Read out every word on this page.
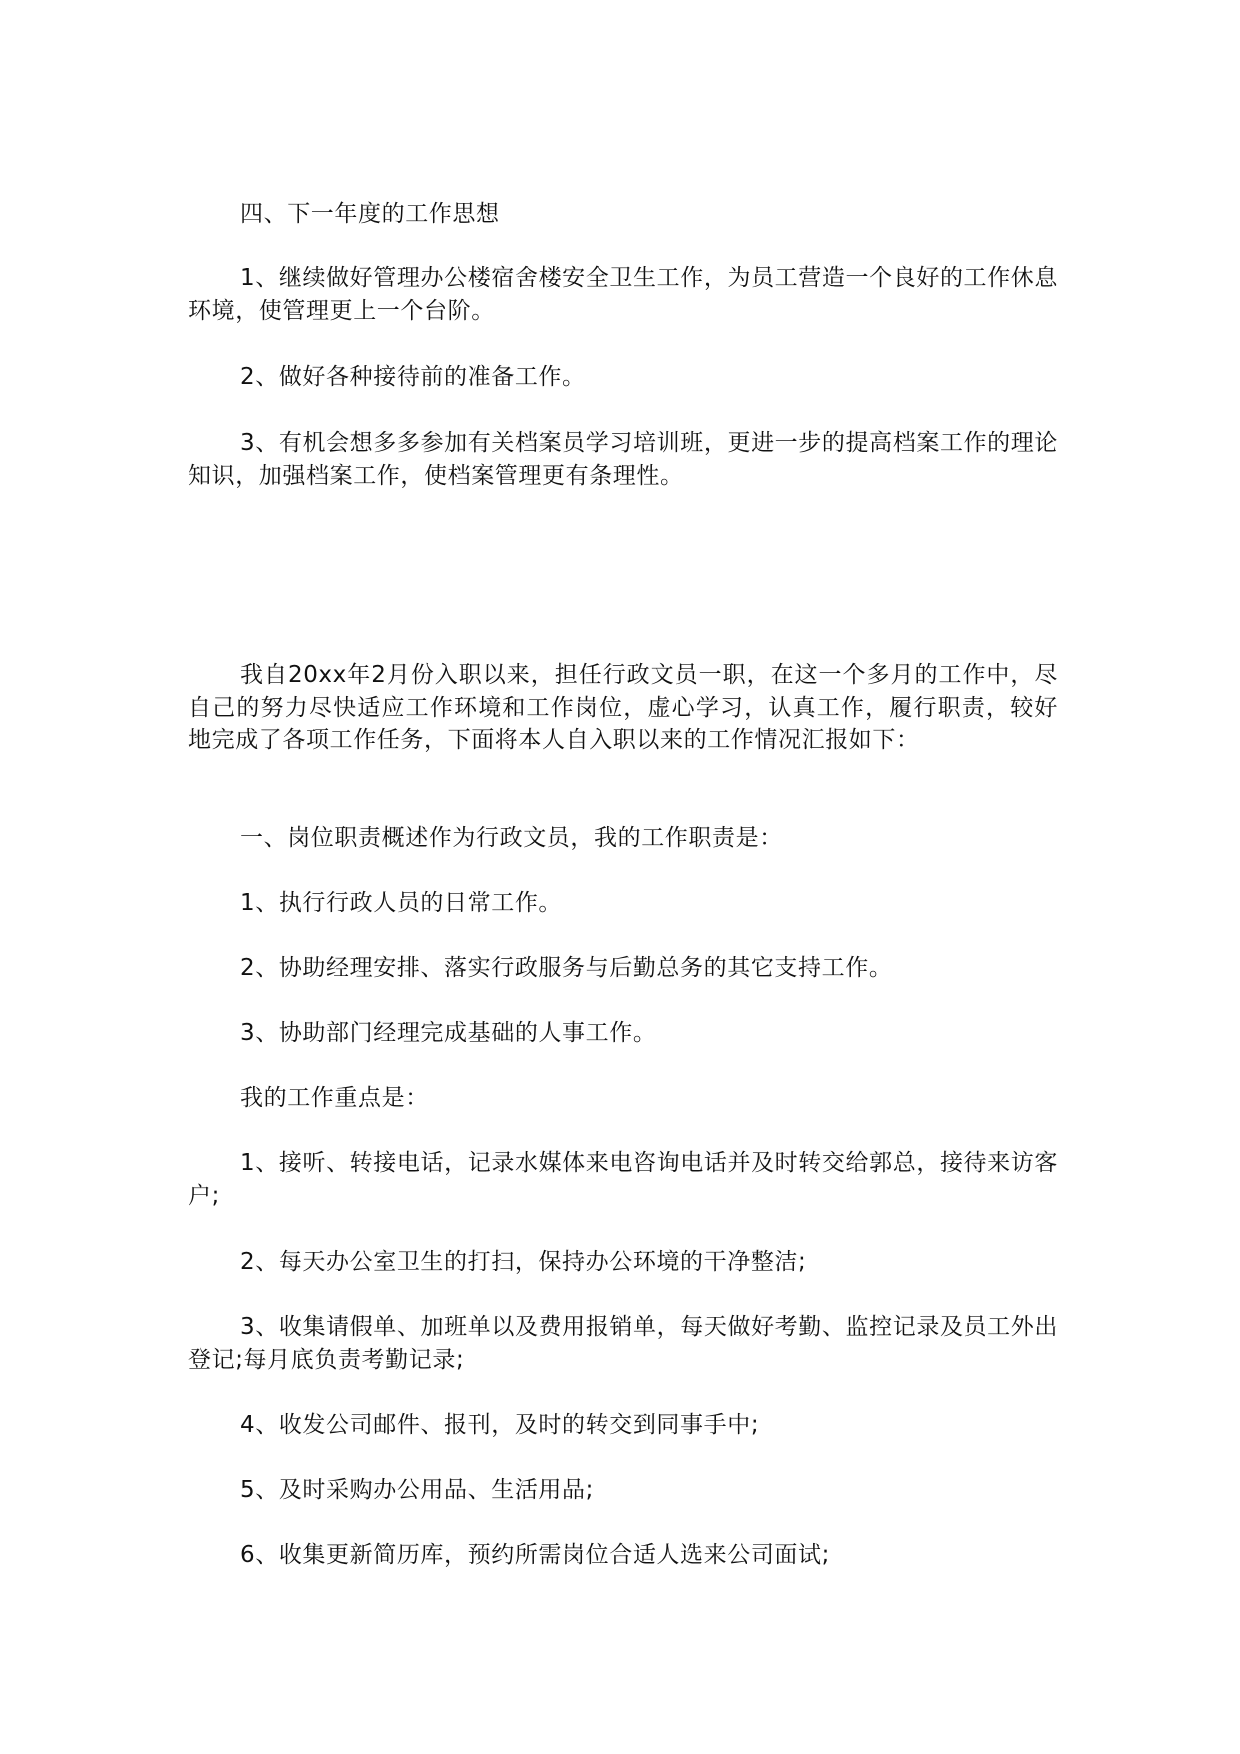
四、下一年度的工作思想

1、继续做好管理办公楼宿舍楼安全卫生工作，为员工营造一个良好的工作休息环境，使管理更上一个台阶。

2、做好各种接待前的准备工作。

3、有机会想多多参加有关档案员学习培训班，更进一步的提高档案工作的理论知识，加强档案工作，使档案管理更有条理性。

我自20xx年2月份入职以来，担任行政文员一职，在这一个多月的工作中，尽自己的努力尽快适应工作环境和工作岗位，虚心学习，认真工作，履行职责，较好地完成了各项工作任务，下面将本人自入职以来的工作情况汇报如下：

一、岗位职责概述作为行政文员，我的工作职责是：

1、执行行政人员的日常工作。

2、协助经理安排、落实行政服务与后勤总务的其它支持工作。

3、协助部门经理完成基础的人事工作。

我的工作重点是：

1、接听、转接电话，记录水媒体来电咨询电话并及时转交给郭总，接待来访客户;

2、每天办公室卫生的打扫，保持办公环境的干净整洁;

3、收集请假单、加班单以及费用报销单，每天做好考勤、监控记录及员工外出登记;每月底负责考勤记录;

4、收发公司邮件、报刊，及时的转交到同事手中;

5、及时采购办公用品、生活用品;

6、收集更新简历库，预约所需岗位合适人选来公司面试;
